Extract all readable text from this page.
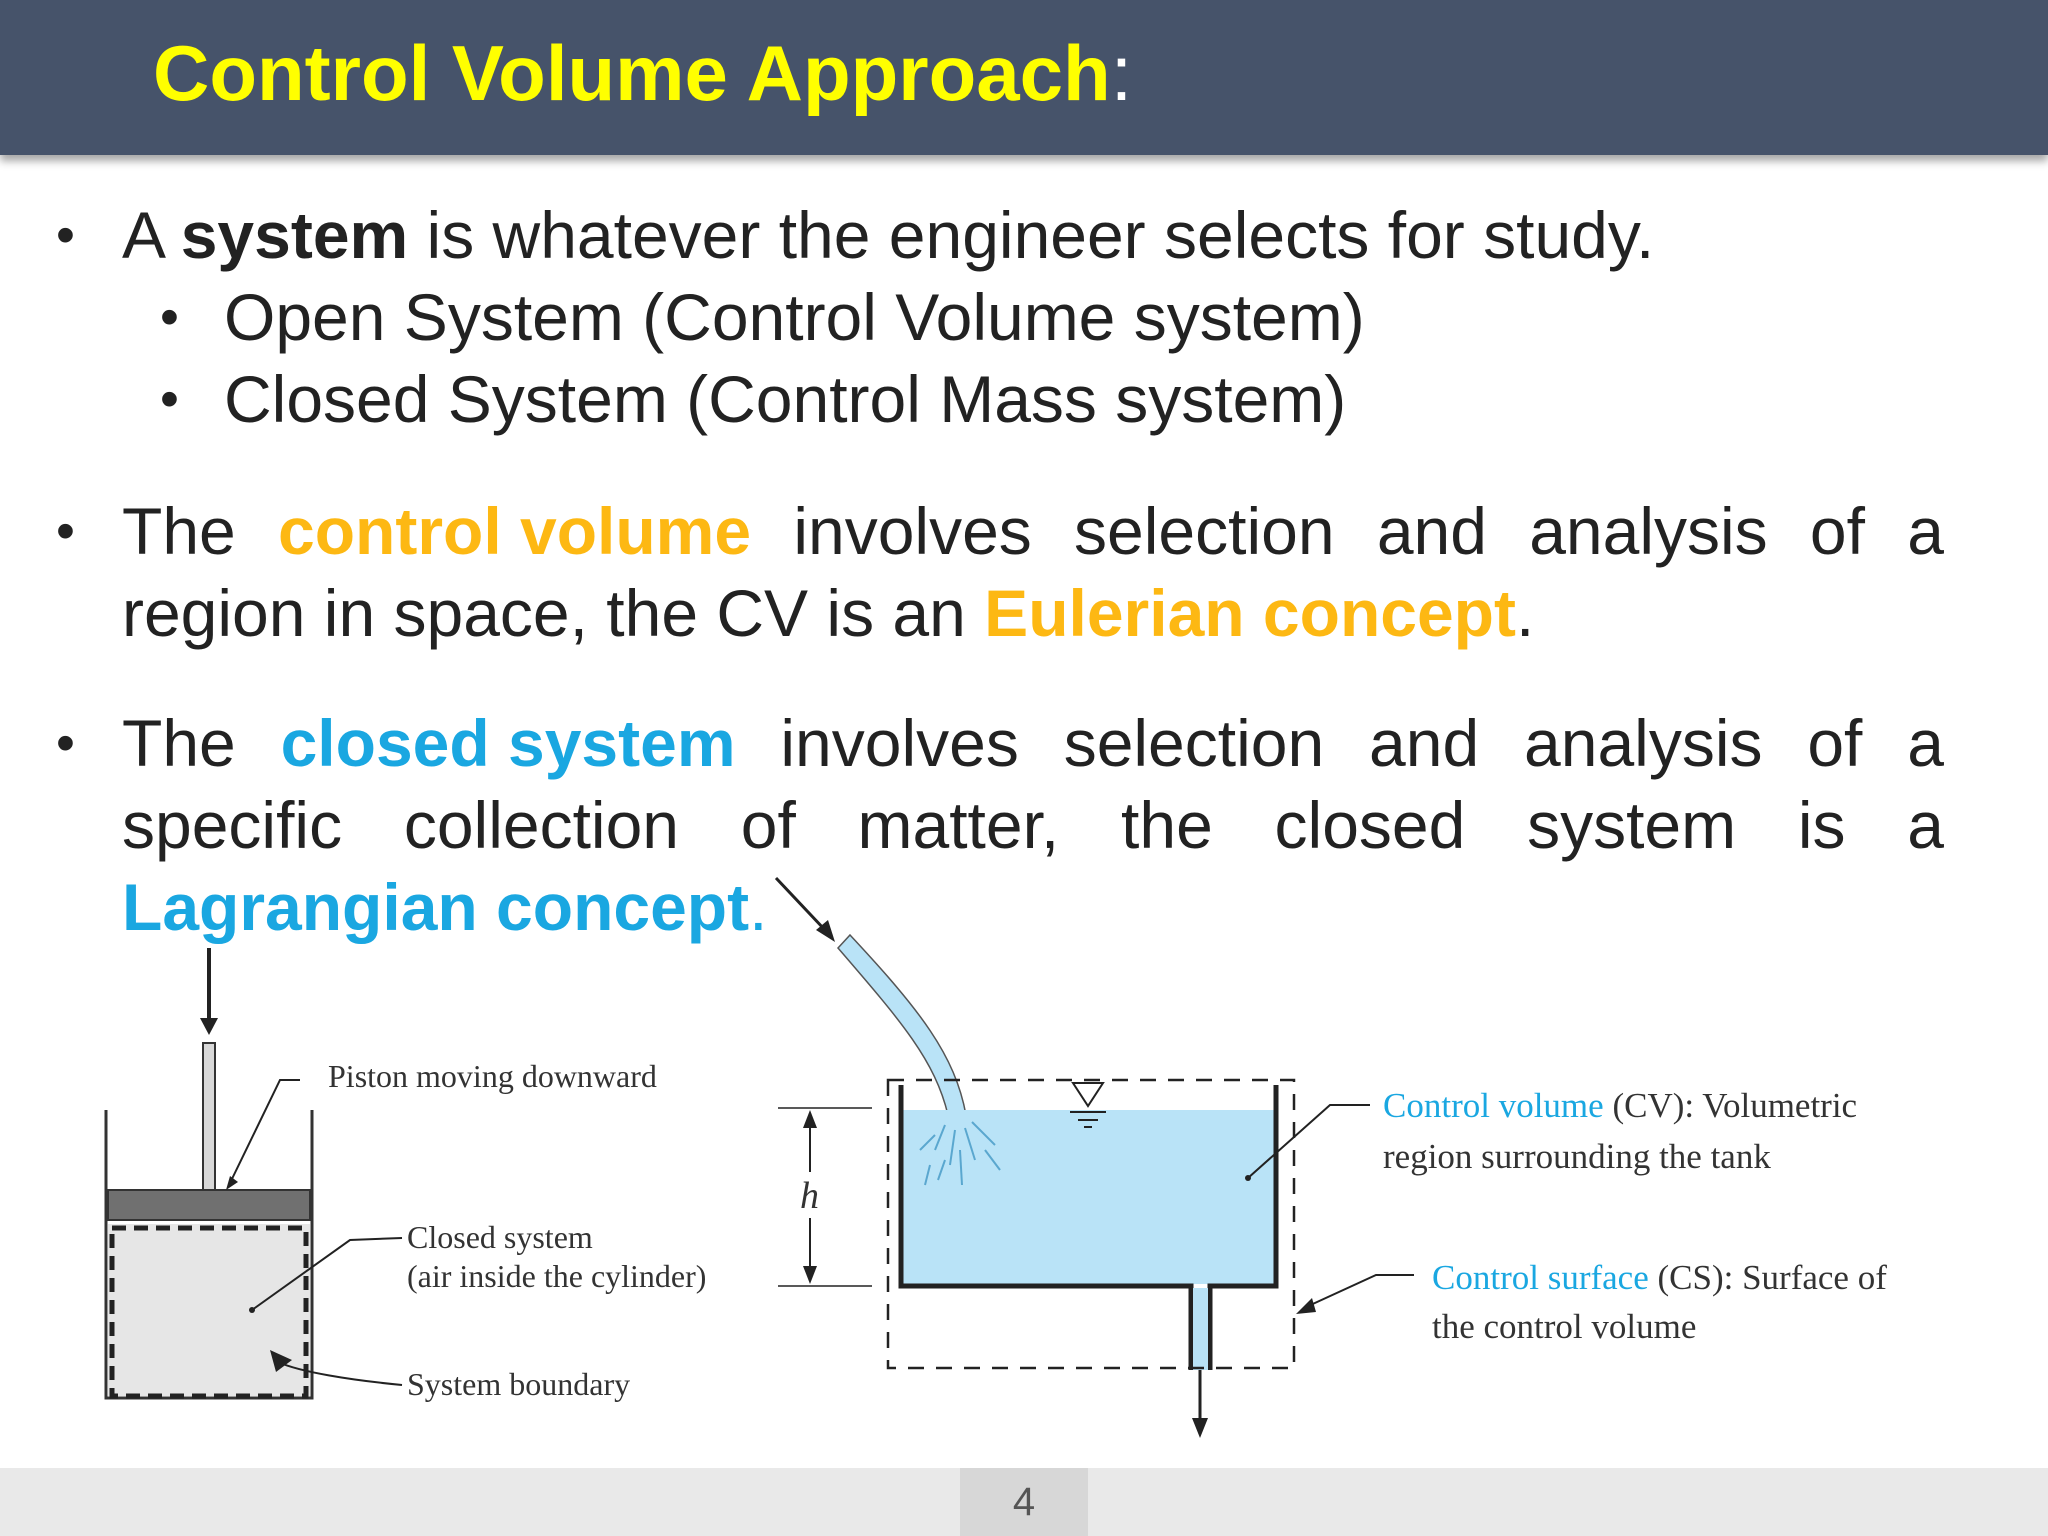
Control Volume Approach:
• A system is whatever the engineer selects for study.
• Open System (Control Volume system)
• Closed System (Control Mass system)
• The control volume involves selection and analysis of a
region in space, the CV is an Eulerian concept.
• The closed system involves selection and analysis of a
specific collection of matter, the closed system is a
Lagrangian concept.
Piston moving downward
Closed system
(air inside the cylinder)
System boundary
h
Control volume (CV): Volumetric
region surrounding the tank
Control surface (CS): Surface of
the control volume
4
